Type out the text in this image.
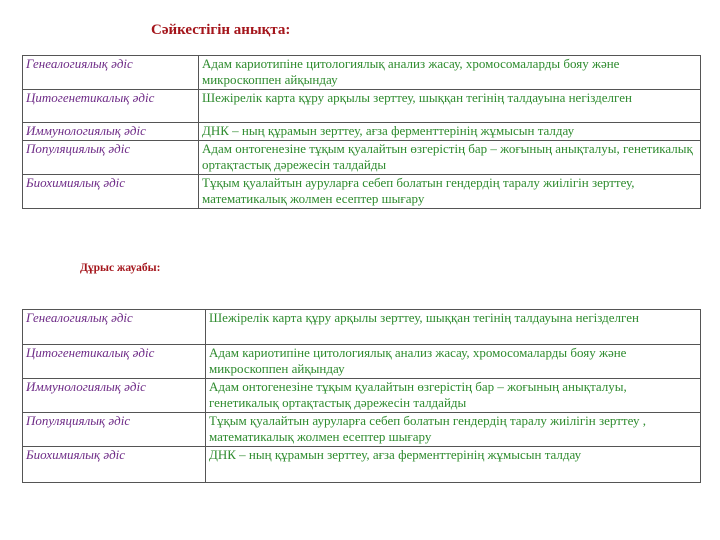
Сәйкестігін анықта:
Генеалогиялық әдіс	Адам кариотипіне цитологиялық анализ жасау, хромосомаларды бояу және микроскоппен айқындау
Цитогенетикалық әдіс	Шежірелік карта құру арқылы зерттеу, шыққан тегінің талдауына негізделген
Иммунологиялық әдіс	ДНК – ның құрамын зерттеу, ағза ферменттерінің жұмысын талдау
Популяциялық әдіс	Адам онтогенезіне тұқым қуалайтын өзгерістің бар – жоғының анықталуы, генетикалық ортақтастық дәрежесін талдайды
Биохимиялық әдіс	Тұқым қуалайтын ауруларға себеп болатын гендердің таралу жиілігін зерттеу, математикалық жолмен есептер шығару
Дұрыс жауабы:
Генеалогиялық әдіс	Шежірелік карта құру арқылы зерттеу, шыққан тегінің талдауына негізделген
Цитогенетикалық әдіс	Адам кариотипіне цитологиялық анализ жасау, хромосомаларды бояу және микроскоппен айқындау
Иммунологиялық әдіс	Адам онтогенезіне тұқым қуалайтын өзгерістің бар – жоғының анықталуы, генетикалық ортақтастық дәрежесін талдайды
Популяциялық әдіс	Тұқым қуалайтын ауруларға себеп болатын гендердің таралу жиілігін зерттеу , математикалық жолмен есептер шығару
Биохимиялық әдіс	ДНК – ның құрамын зерттеу, ағза ферменттерінің жұмысын талдау
